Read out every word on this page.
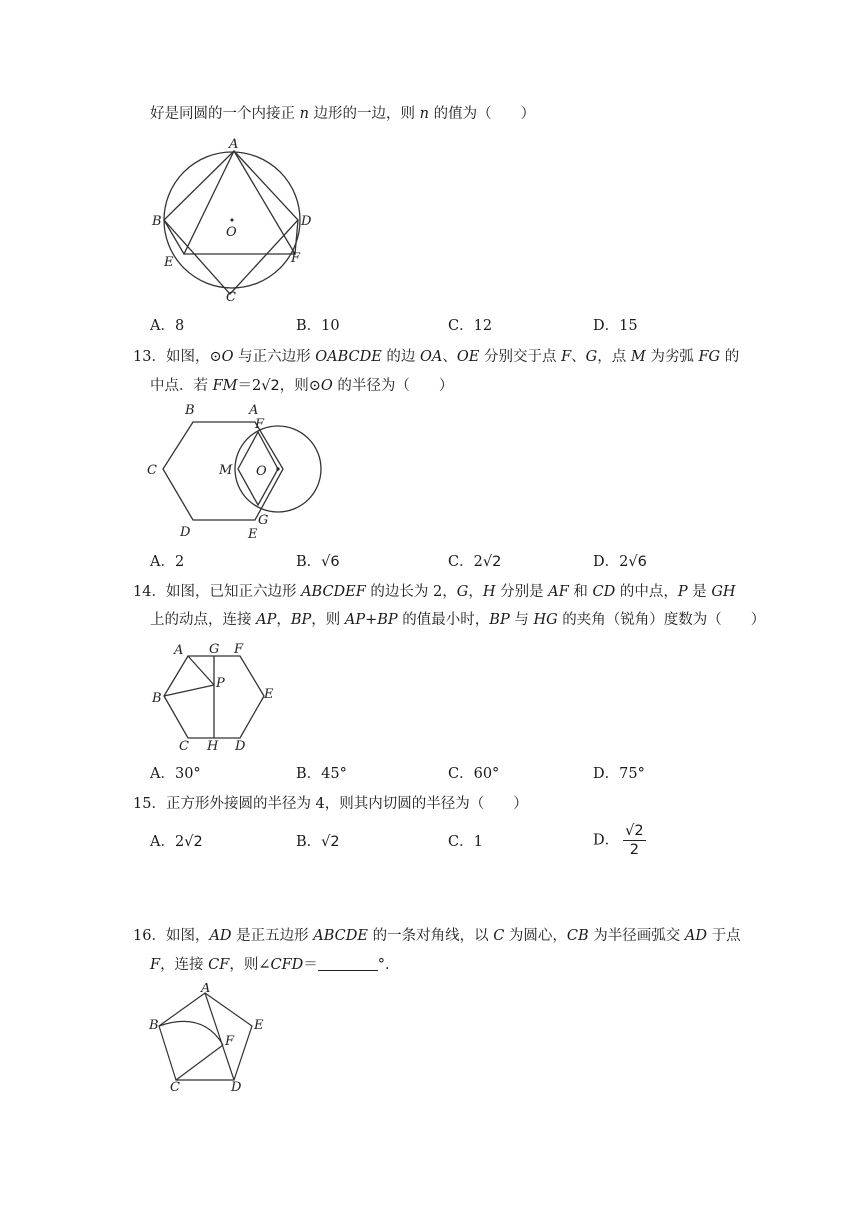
好是同圆的一个内接正 n 边形的一边，则 n 的值为（　　）
A
B	D
E	F
C
O
A．8	B．10	C．12	D．15
13．如图，⊙O 与正六边形 OABCDE 的边 OA、OE 分别交于点 F、G，点 M 为劣弧 FG 的
中点．若 FM＝2√2，则⊙O 的半径为（　　）
B	A
F
C	M O
D
G
E
A．2	B．√6	C．2√2	D．2√6
14．如图，已知正六边形 ABCDEF 的边长为 2，G，H 分别是 AF 和 CD 的中点，P 是 GH
上的动点，连接 AP，BP，则 AP+BP 的值最小时，BP 与 HG 的夹角（锐角）度数为（　　）
A G F
B
P
E
C H D
A．30°	B．45°	C．60°	D．75°
15．正方形外接圆的半径为 4，则其内切圆的半径为（　　）
A．2√2	B．√2	C．1	D． $\frac{√2}{2}$
16．如图，AD 是正五边形 ABCDE 的一条对角线，以 C 为圆心，CB 为半径画弧交 AD 于点
F，连接 CF，则∠CFD＝	°．
A
B	E
F
C	D
